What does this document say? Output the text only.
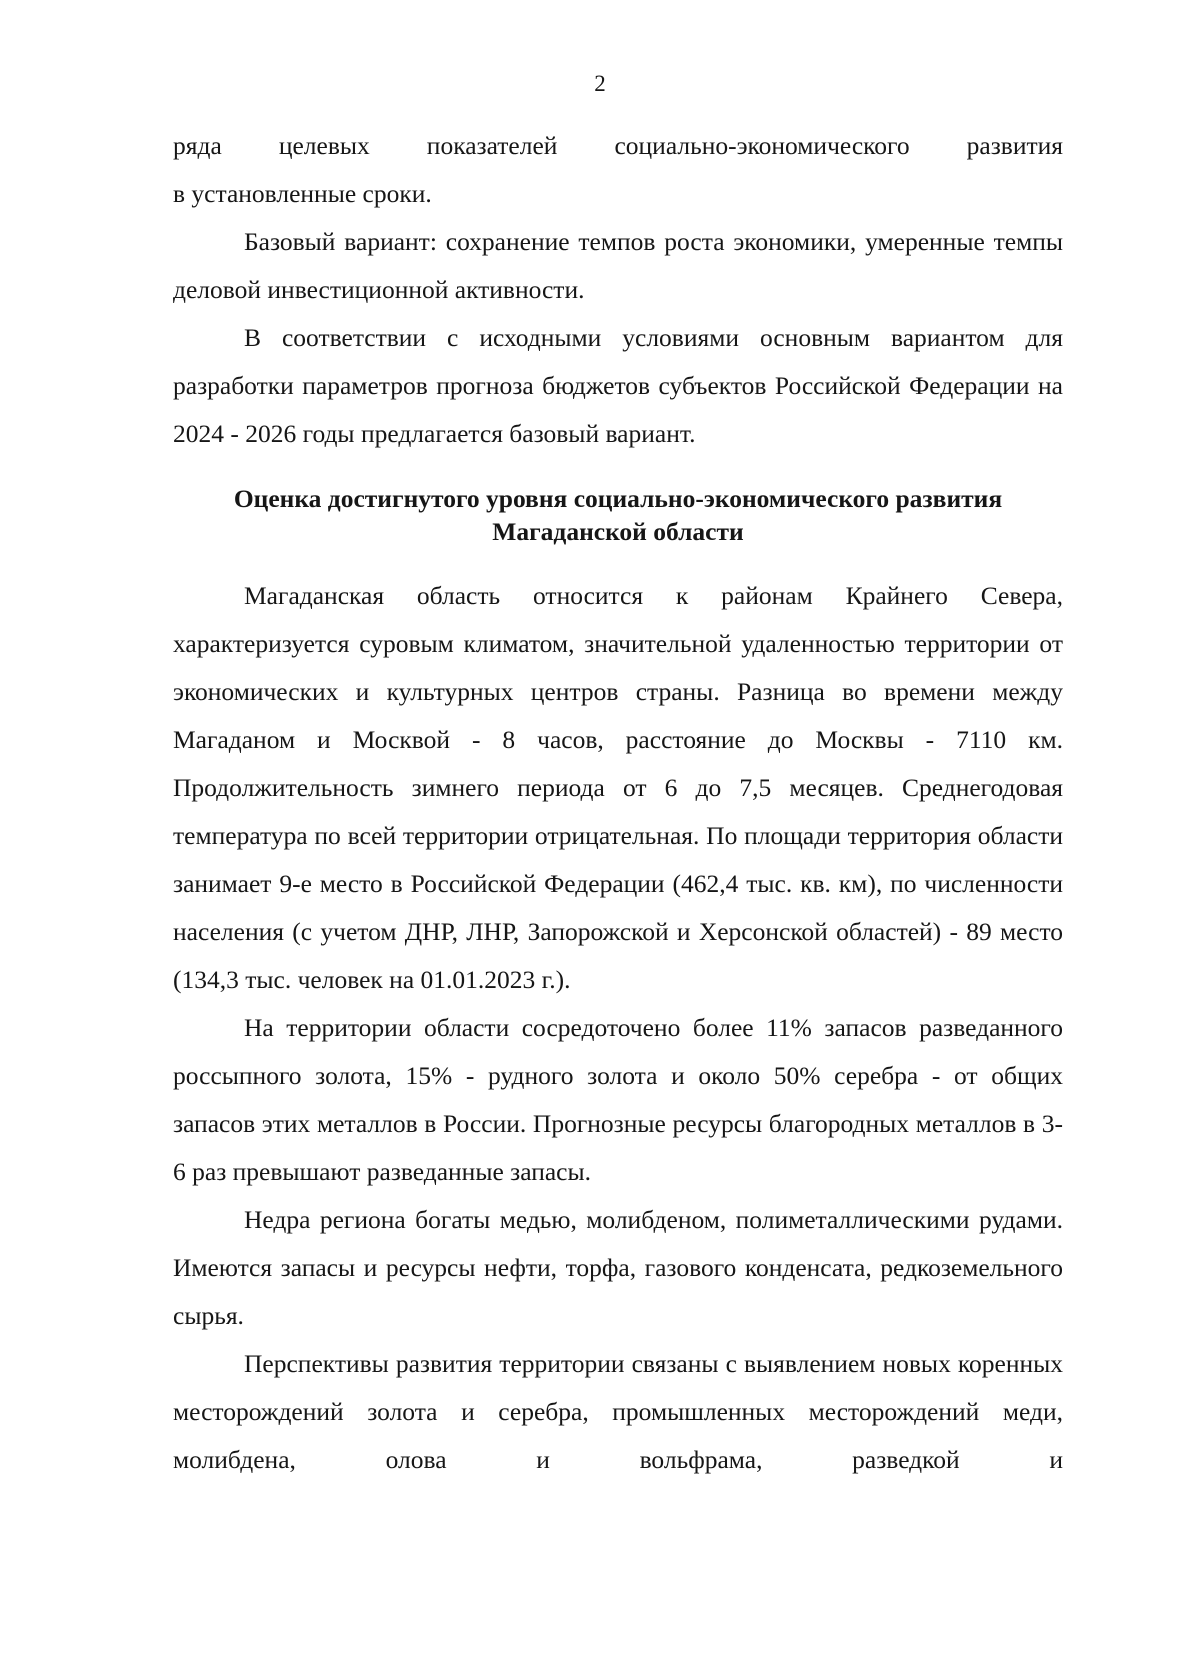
2

ряда целевых показателей социально-экономического развития

в установленные сроки.

Базовый вариант: сохранение темпов роста экономики, умеренные темпы деловой инвестиционной активности.

В соответствии с исходными условиями основным вариантом для разработки параметров прогноза бюджетов субъектов Российской Федерации на 2024 - 2026 годы предлагается базовый вариант.

Оценка достигнутого уровня социально-экономического развития
Магаданской области

Магаданская область относится к районам Крайнего Севера, характеризуется суровым климатом, значительной удаленностью территории от экономических и культурных центров страны. Разница во времени между Магаданом и Москвой - 8 часов, расстояние до Москвы - 7110 км. Продолжительность зимнего периода от 6 до 7,5 месяцев. Среднегодовая температура по всей территории отрицательная. По площади территория области занимает 9-е место в Российской Федерации (462,4 тыс. кв. км), по численности населения (с учетом ДНР, ЛНР, Запорожской и Херсонской областей) - 89 место (134,3 тыс. человек на 01.01.2023 г.).

На территории области сосредоточено более 11% запасов разведанного россыпного золота, 15% - рудного золота и около 50% серебра - от общих запасов этих металлов в России. Прогнозные ресурсы благородных металлов в 3-6 раз превышают разведанные запасы.

Недра региона богаты медью, молибденом, полиметаллическими рудами. Имеются запасы и ресурсы нефти, торфа, газового конденсата, редкоземельного сырья.

Перспективы развития территории связаны с выявлением новых коренных месторождений золота и серебра, промышленных месторождений меди, молибдена, олова и вольфрама, разведкой и
